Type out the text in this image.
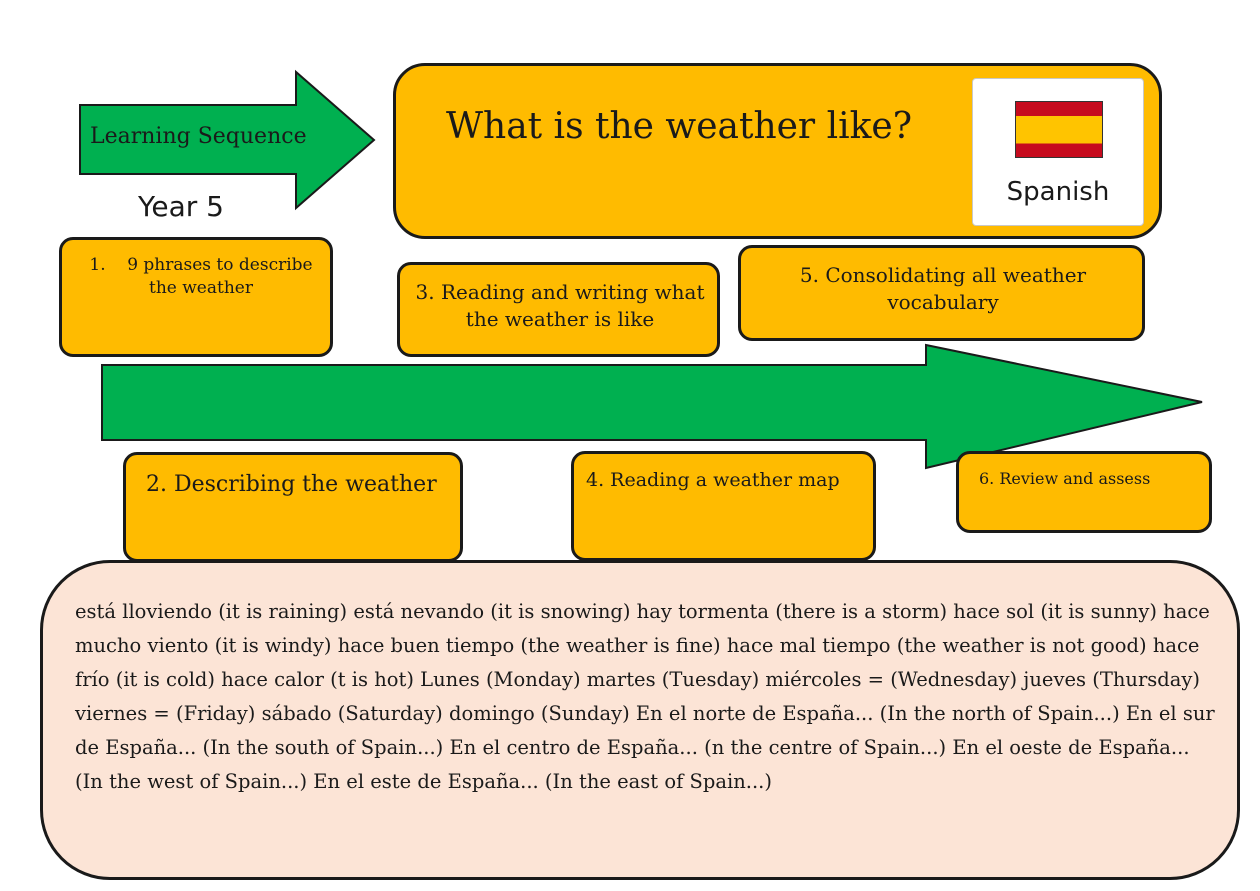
Learning Sequence
Year 5
What is the weather like?
Spanish
1.    9 phrases to describe the weather	3. Reading and writing what the weather is like
5. Consolidating all weather vocabulary
2. Describing the weather	4. Reading a weather map	6. Review and assess
está lloviendo (it is raining) está nevando (it is snowing) hay tormenta (there is a storm) hace sol (it is sunny) hace mucho viento (it is windy) hace buen tiempo (the weather is fine) hace mal tiempo (the weather is not good) hace frío (it is cold) hace calor (t is hot) Lunes (Monday) martes (Tuesday) miércoles = (Wednesday) jueves (Thursday) viernes = (Friday) sábado (Saturday) domingo (Sunday) En el norte de España... (In the north of Spain...) En el sur de España... (In the south of Spain...) En el centro de España... (n the centre of Spain...) En el oeste de España... (In the west of Spain...) En el este de España... (In the east of Spain...)
